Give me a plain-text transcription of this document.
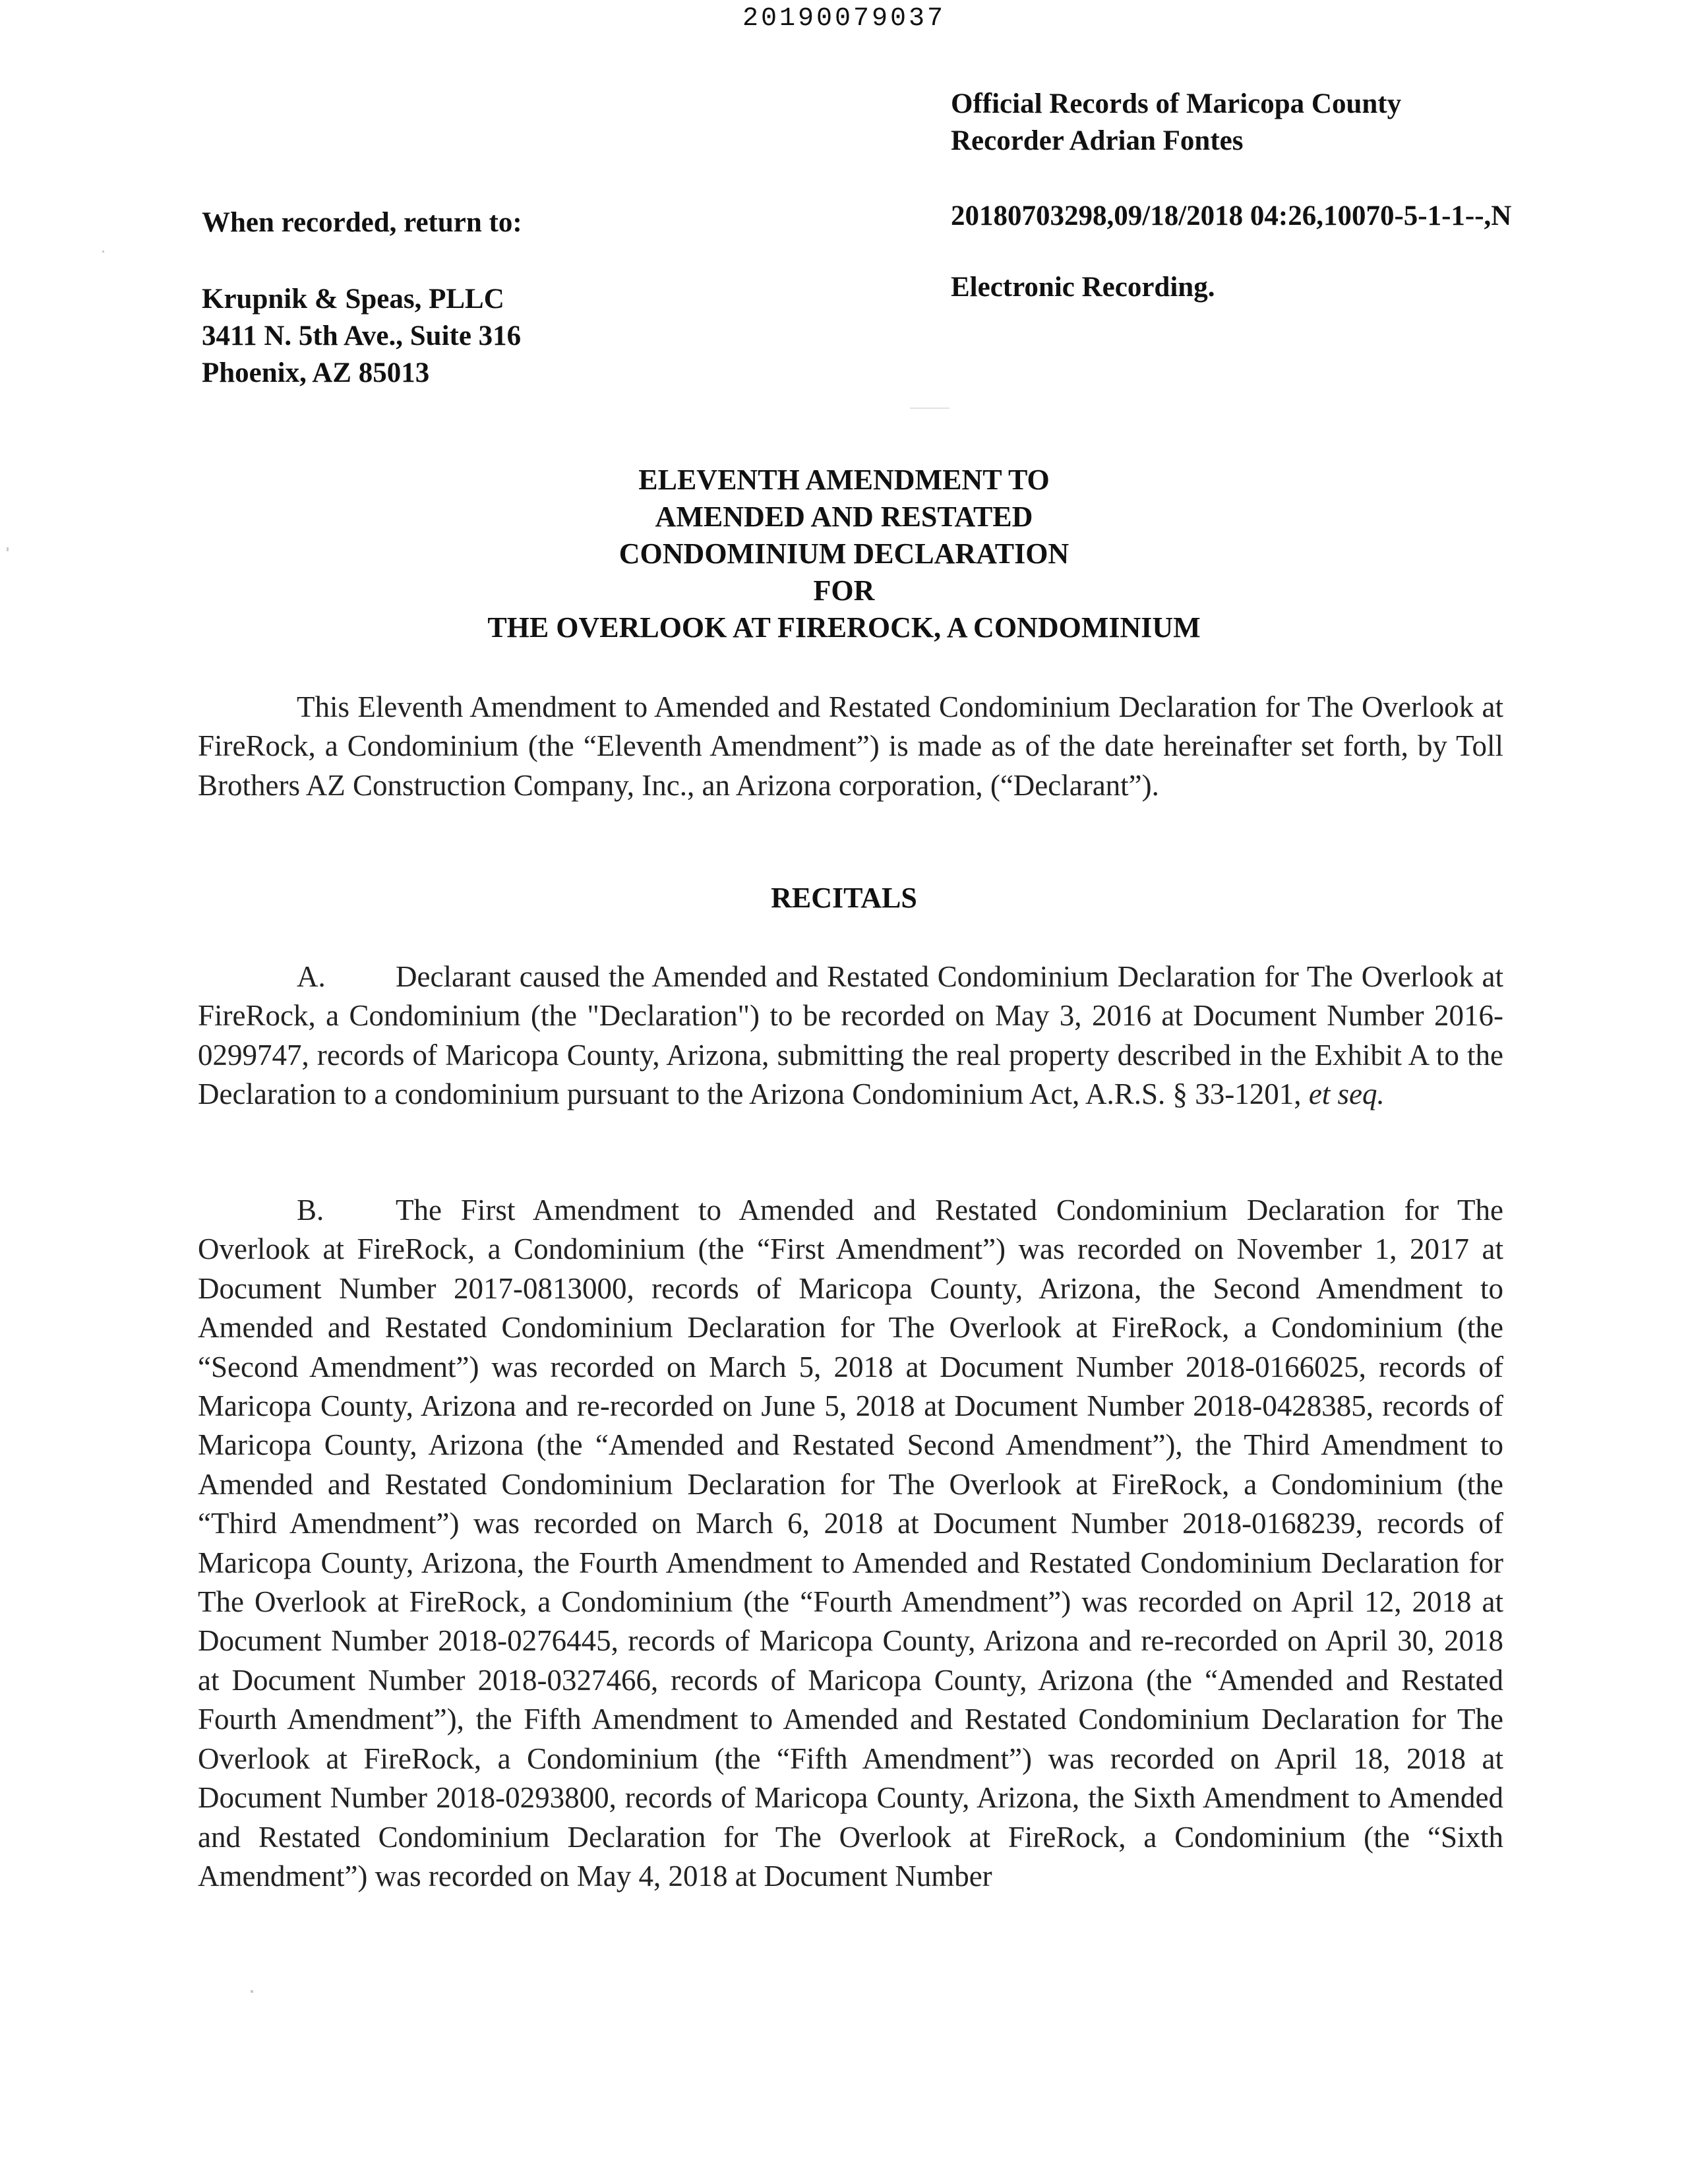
20190079037
Official Records of Maricopa County
Recorder Adrian Fontes
20180703298,09/18/2018 04:26,10070-5-1-1--,N
Electronic Recording.
When recorded, return to:
Krupnik & Speas, PLLC
3411 N. 5th Ave., Suite 316
Phoenix, AZ 85013
ELEVENTH AMENDMENT TO
AMENDED AND RESTATED
CONDOMINIUM DECLARATION
FOR
THE OVERLOOK AT FIREROCK, A CONDOMINIUM

This Eleventh Amendment to Amended and Restated Condominium Declaration for The Overlook at FireRock, a Condominium (the “Eleventh Amendment”) is made as of the date hereinafter set forth, by Toll Brothers AZ Construction Company, Inc., an Arizona corporation, (“Declarant”).

RECITALS

A. Declarant caused the Amended and Restated Condominium Declaration for The Overlook at FireRock, a Condominium (the "Declaration") to be recorded on May 3, 2016 at Document Number 2016-0299747, records of Maricopa County, Arizona, submitting the real property described in the Exhibit A to the Declaration to a condominium pursuant to the Arizona Condominium Act, A.R.S. § 33-1201, et seq.

B. The First Amendment to Amended and Restated Condominium Declaration for The Overlook at FireRock, a Condominium (the “First Amendment”) was recorded on November 1, 2017 at Document Number 2017-0813000, records of Maricopa County, Arizona, the Second Amendment to Amended and Restated Condominium Declaration for The Overlook at FireRock, a Condominium (the “Second Amendment”) was recorded on March 5, 2018 at Document Number 2018-0166025, records of Maricopa County, Arizona and re-recorded on June 5, 2018 at Document Number 2018-0428385, records of Maricopa County, Arizona (the “Amended and Restated Second Amendment”), the Third Amendment to Amended and Restated Condominium Declaration for The Overlook at FireRock, a Condominium (the “Third Amendment”) was recorded on March 6, 2018 at Document Number 2018-0168239, records of Maricopa County, Arizona, the Fourth Amendment to Amended and Restated Condominium Declaration for The Overlook at FireRock, a Condominium (the “Fourth Amendment”) was recorded on April 12, 2018 at Document Number 2018-0276445, records of Maricopa County, Arizona and re-recorded on April 30, 2018 at Document Number 2018-0327466, records of Maricopa County, Arizona (the “Amended and Restated Fourth Amendment”), the Fifth Amendment to Amended and Restated Condominium Declaration for The Overlook at FireRock, a Condominium (the “Fifth Amendment”) was recorded on April 18, 2018 at Document Number 2018-0293800, records of Maricopa County, Arizona, the Sixth Amendment to Amended and Restated Condominium Declaration for The Overlook at FireRock, a Condominium (the “Sixth Amendment”) was recorded on May 4, 2018 at Document Number
